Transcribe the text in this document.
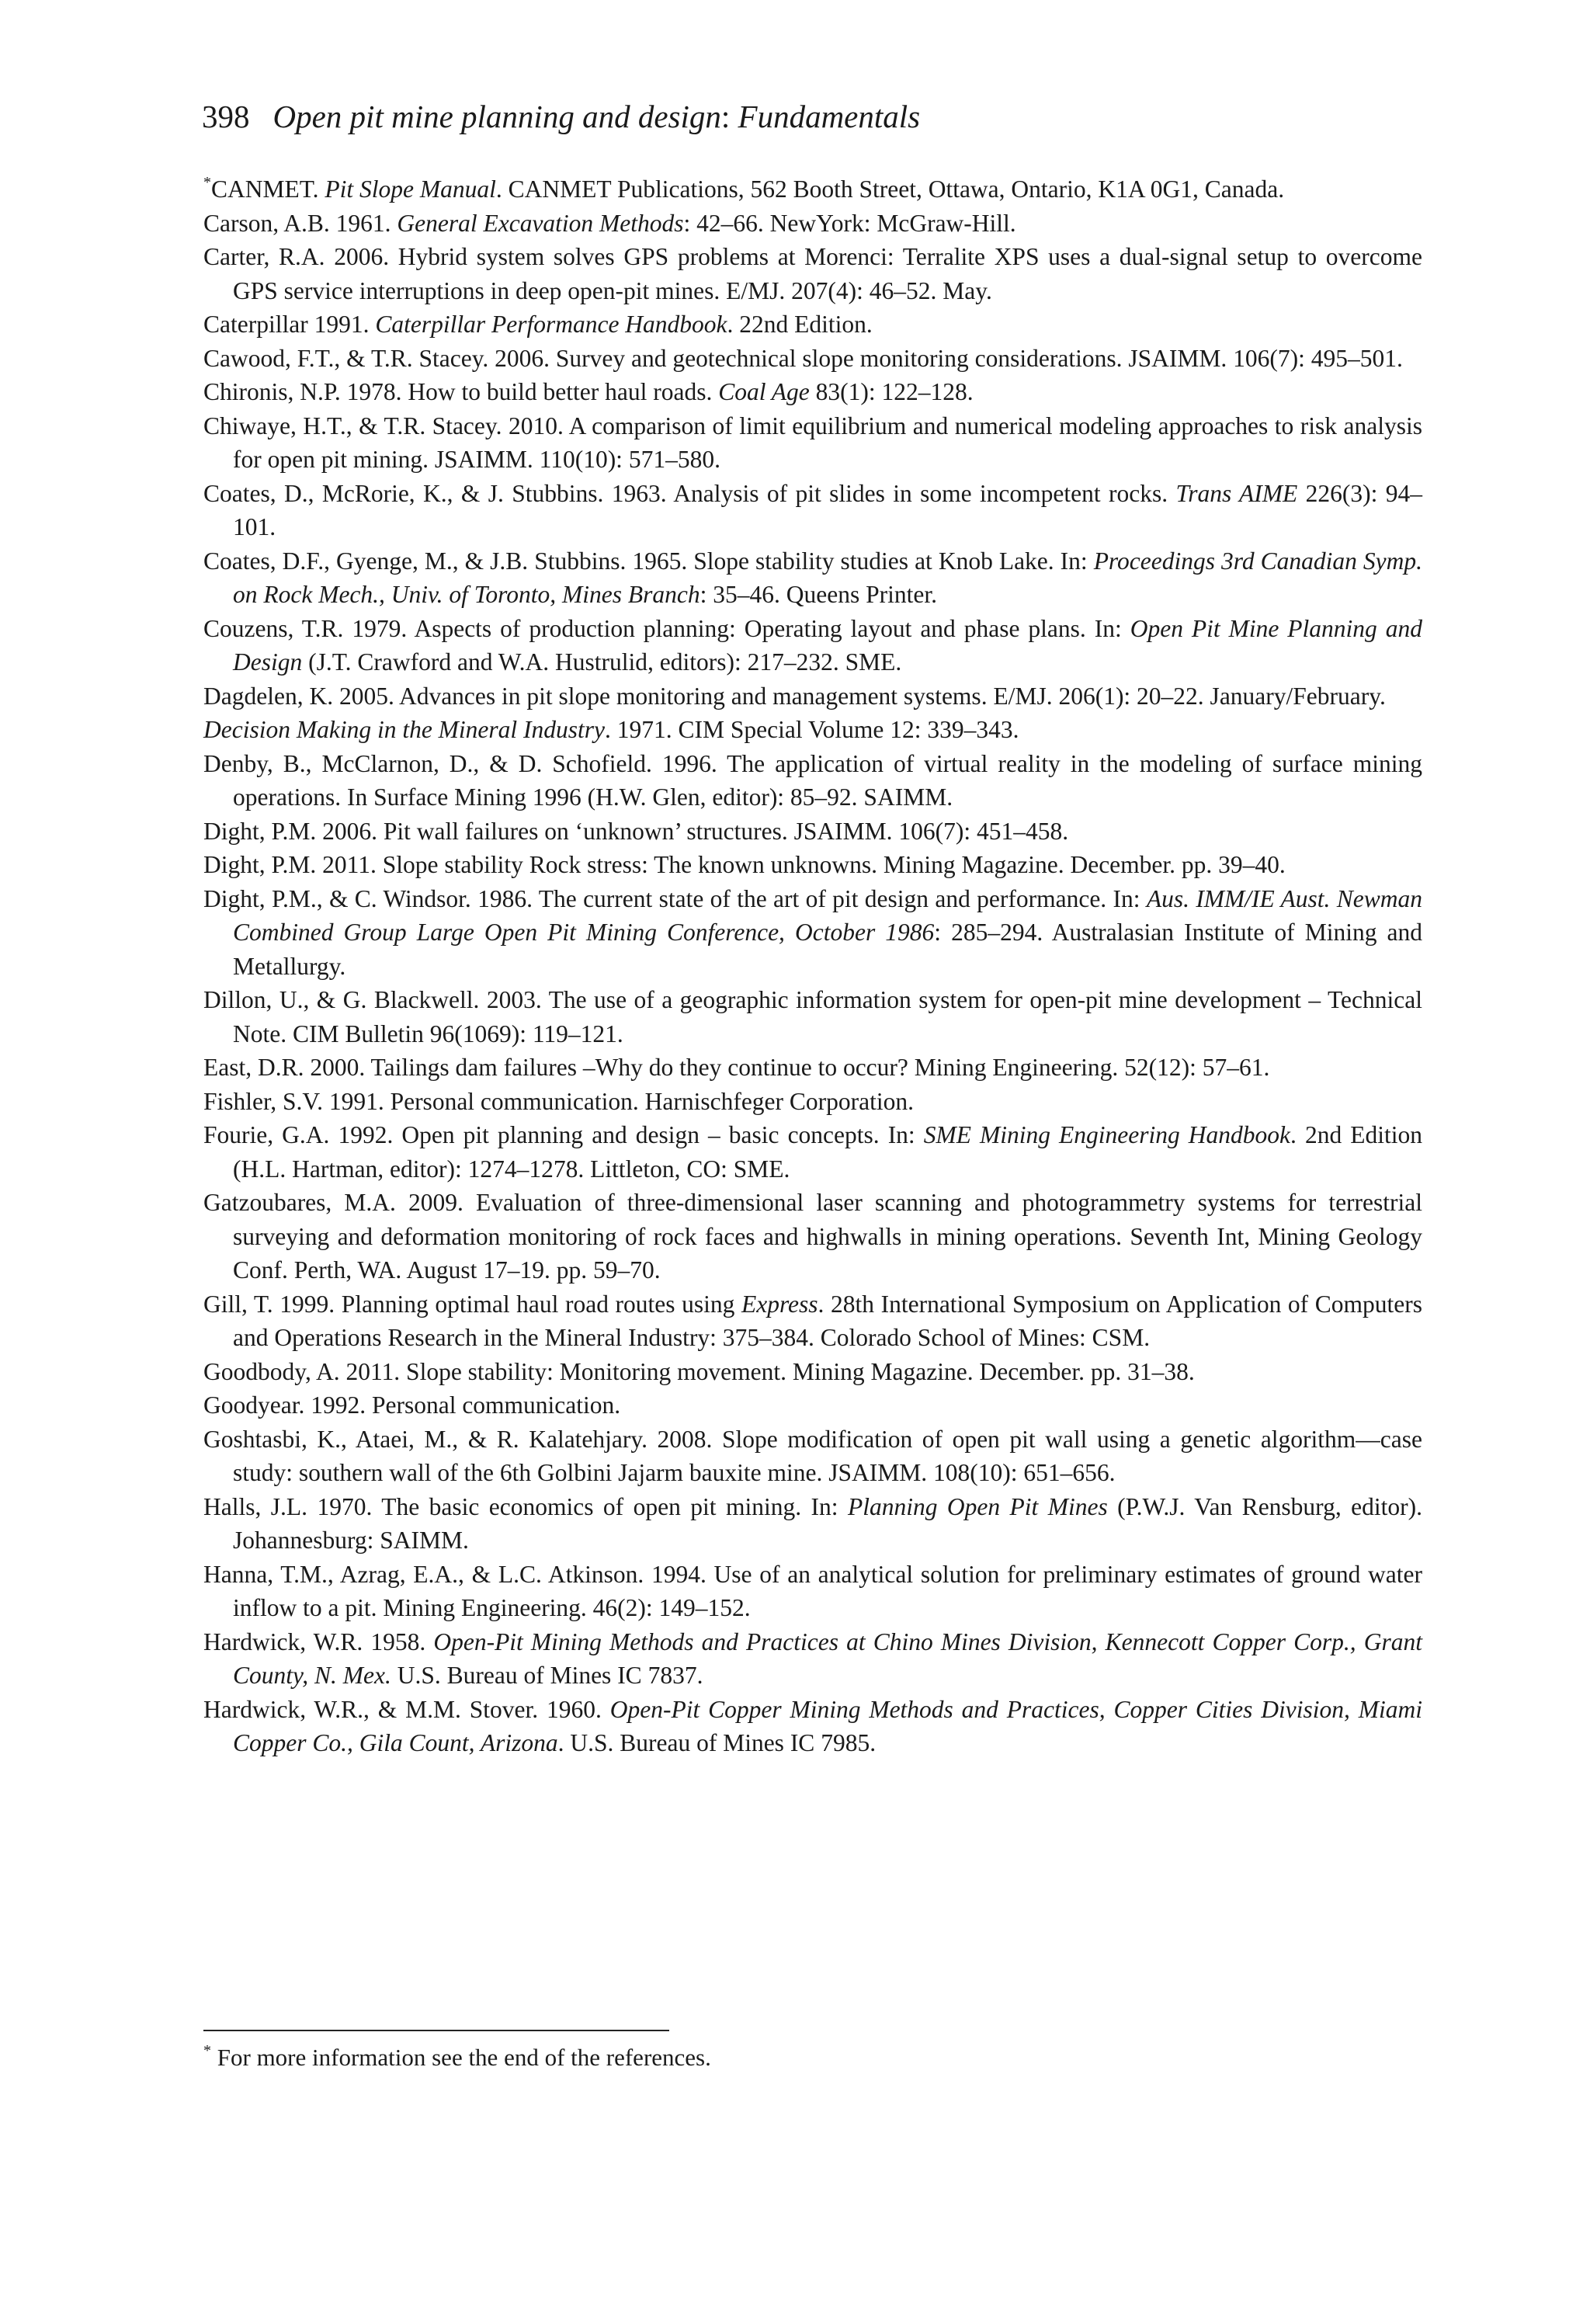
398 Open pit mine planning and design: Fundamentals
*CANMET. Pit Slope Manual. CANMET Publications, 562 Booth Street, Ottawa, Ontario, K1A 0G1, Canada.
Carson, A.B. 1961. General Excavation Methods: 42–66. NewYork: McGraw-Hill.
Carter, R.A. 2006. Hybrid system solves GPS problems at Morenci: Terralite XPS uses a dual-signal setup to overcome GPS service interruptions in deep open-pit mines. E/MJ. 207(4): 46–52. May.
Caterpillar 1991. Caterpillar Performance Handbook. 22nd Edition.
Cawood, F.T., & T.R. Stacey. 2006. Survey and geotechnical slope monitoring considerations. JSAIMM. 106(7): 495–501.
Chironis, N.P. 1978. How to build better haul roads. Coal Age 83(1): 122–128.
Chiwaye, H.T., & T.R. Stacey. 2010. A comparison of limit equilibrium and numerical modeling approaches to risk analysis for open pit mining. JSAIMM. 110(10): 571–580.
Coates, D., McRorie, K., & J. Stubbins. 1963. Analysis of pit slides in some incompetent rocks. Trans AIME 226(3): 94–101.
Coates, D.F., Gyenge, M., & J.B. Stubbins. 1965. Slope stability studies at Knob Lake. In: Proceedings 3rd Canadian Symp. on Rock Mech., Univ. of Toronto, Mines Branch: 35–46. Queens Printer.
Couzens, T.R. 1979. Aspects of production planning: Operating layout and phase plans. In: Open Pit Mine Planning and Design (J.T. Crawford and W.A. Hustrulid, editors): 217–232. SME.
Dagdelen, K. 2005. Advances in pit slope monitoring and management systems. E/MJ. 206(1): 20–22. January/February.
Decision Making in the Mineral Industry. 1971. CIM Special Volume 12: 339–343.
Denby, B., McClarnon, D., & D. Schofield. 1996. The application of virtual reality in the modeling of surface mining operations. In Surface Mining 1996 (H.W. Glen, editor): 85–92. SAIMM.
Dight, P.M. 2006. Pit wall failures on ‘unknown’ structures. JSAIMM. 106(7): 451–458.
Dight, P.M. 2011. Slope stability Rock stress: The known unknowns. Mining Magazine. December. pp. 39–40.
Dight, P.M., & C. Windsor. 1986. The current state of the art of pit design and performance. In: Aus. IMM/IE Aust. Newman Combined Group Large Open Pit Mining Conference, October 1986: 285–294. Australasian Institute of Mining and Metallurgy.
Dillon, U., & G. Blackwell. 2003. The use of a geographic information system for open-pit mine development – Technical Note. CIM Bulletin 96(1069): 119–121.
East, D.R. 2000. Tailings dam failures –Why do they continue to occur? Mining Engineering. 52(12): 57–61.
Fishler, S.V. 1991. Personal communication. Harnischfeger Corporation.
Fourie, G.A. 1992. Open pit planning and design – basic concepts. In: SME Mining Engineering Handbook. 2nd Edition (H.L. Hartman, editor): 1274–1278. Littleton, CO: SME.
Gatzoubares, M.A. 2009. Evaluation of three-dimensional laser scanning and photogrammetry systems for terrestrial surveying and deformation monitoring of rock faces and highwalls in mining operations. Seventh Int, Mining Geology Conf. Perth, WA. August 17–19. pp. 59–70.
Gill, T. 1999. Planning optimal haul road routes using Express. 28th International Symposium on Application of Computers and Operations Research in the Mineral Industry: 375–384. Colorado School of Mines: CSM.
Goodbody, A. 2011. Slope stability: Monitoring movement. Mining Magazine. December. pp. 31–38.
Goodyear. 1992. Personal communication.
Goshtasbi, K., Ataei, M., & R. Kalatehjary. 2008. Slope modification of open pit wall using a genetic algorithm—case study: southern wall of the 6th Golbini Jajarm bauxite mine. JSAIMM. 108(10): 651–656.
Halls, J.L. 1970. The basic economics of open pit mining. In: Planning Open Pit Mines (P.W.J. Van Rensburg, editor). Johannesburg: SAIMM.
Hanna, T.M., Azrag, E.A., & L.C. Atkinson. 1994. Use of an analytical solution for preliminary estimates of ground water inflow to a pit. Mining Engineering. 46(2): 149–152.
Hardwick, W.R. 1958. Open-Pit Mining Methods and Practices at Chino Mines Division, Kennecott Copper Corp., Grant County, N. Mex. U.S. Bureau of Mines IC 7837.
Hardwick, W.R., & M.M. Stover. 1960. Open-Pit Copper Mining Methods and Practices, Copper Cities Division, Miami Copper Co., Gila Count, Arizona. U.S. Bureau of Mines IC 7985.
* For more information see the end of the references.
